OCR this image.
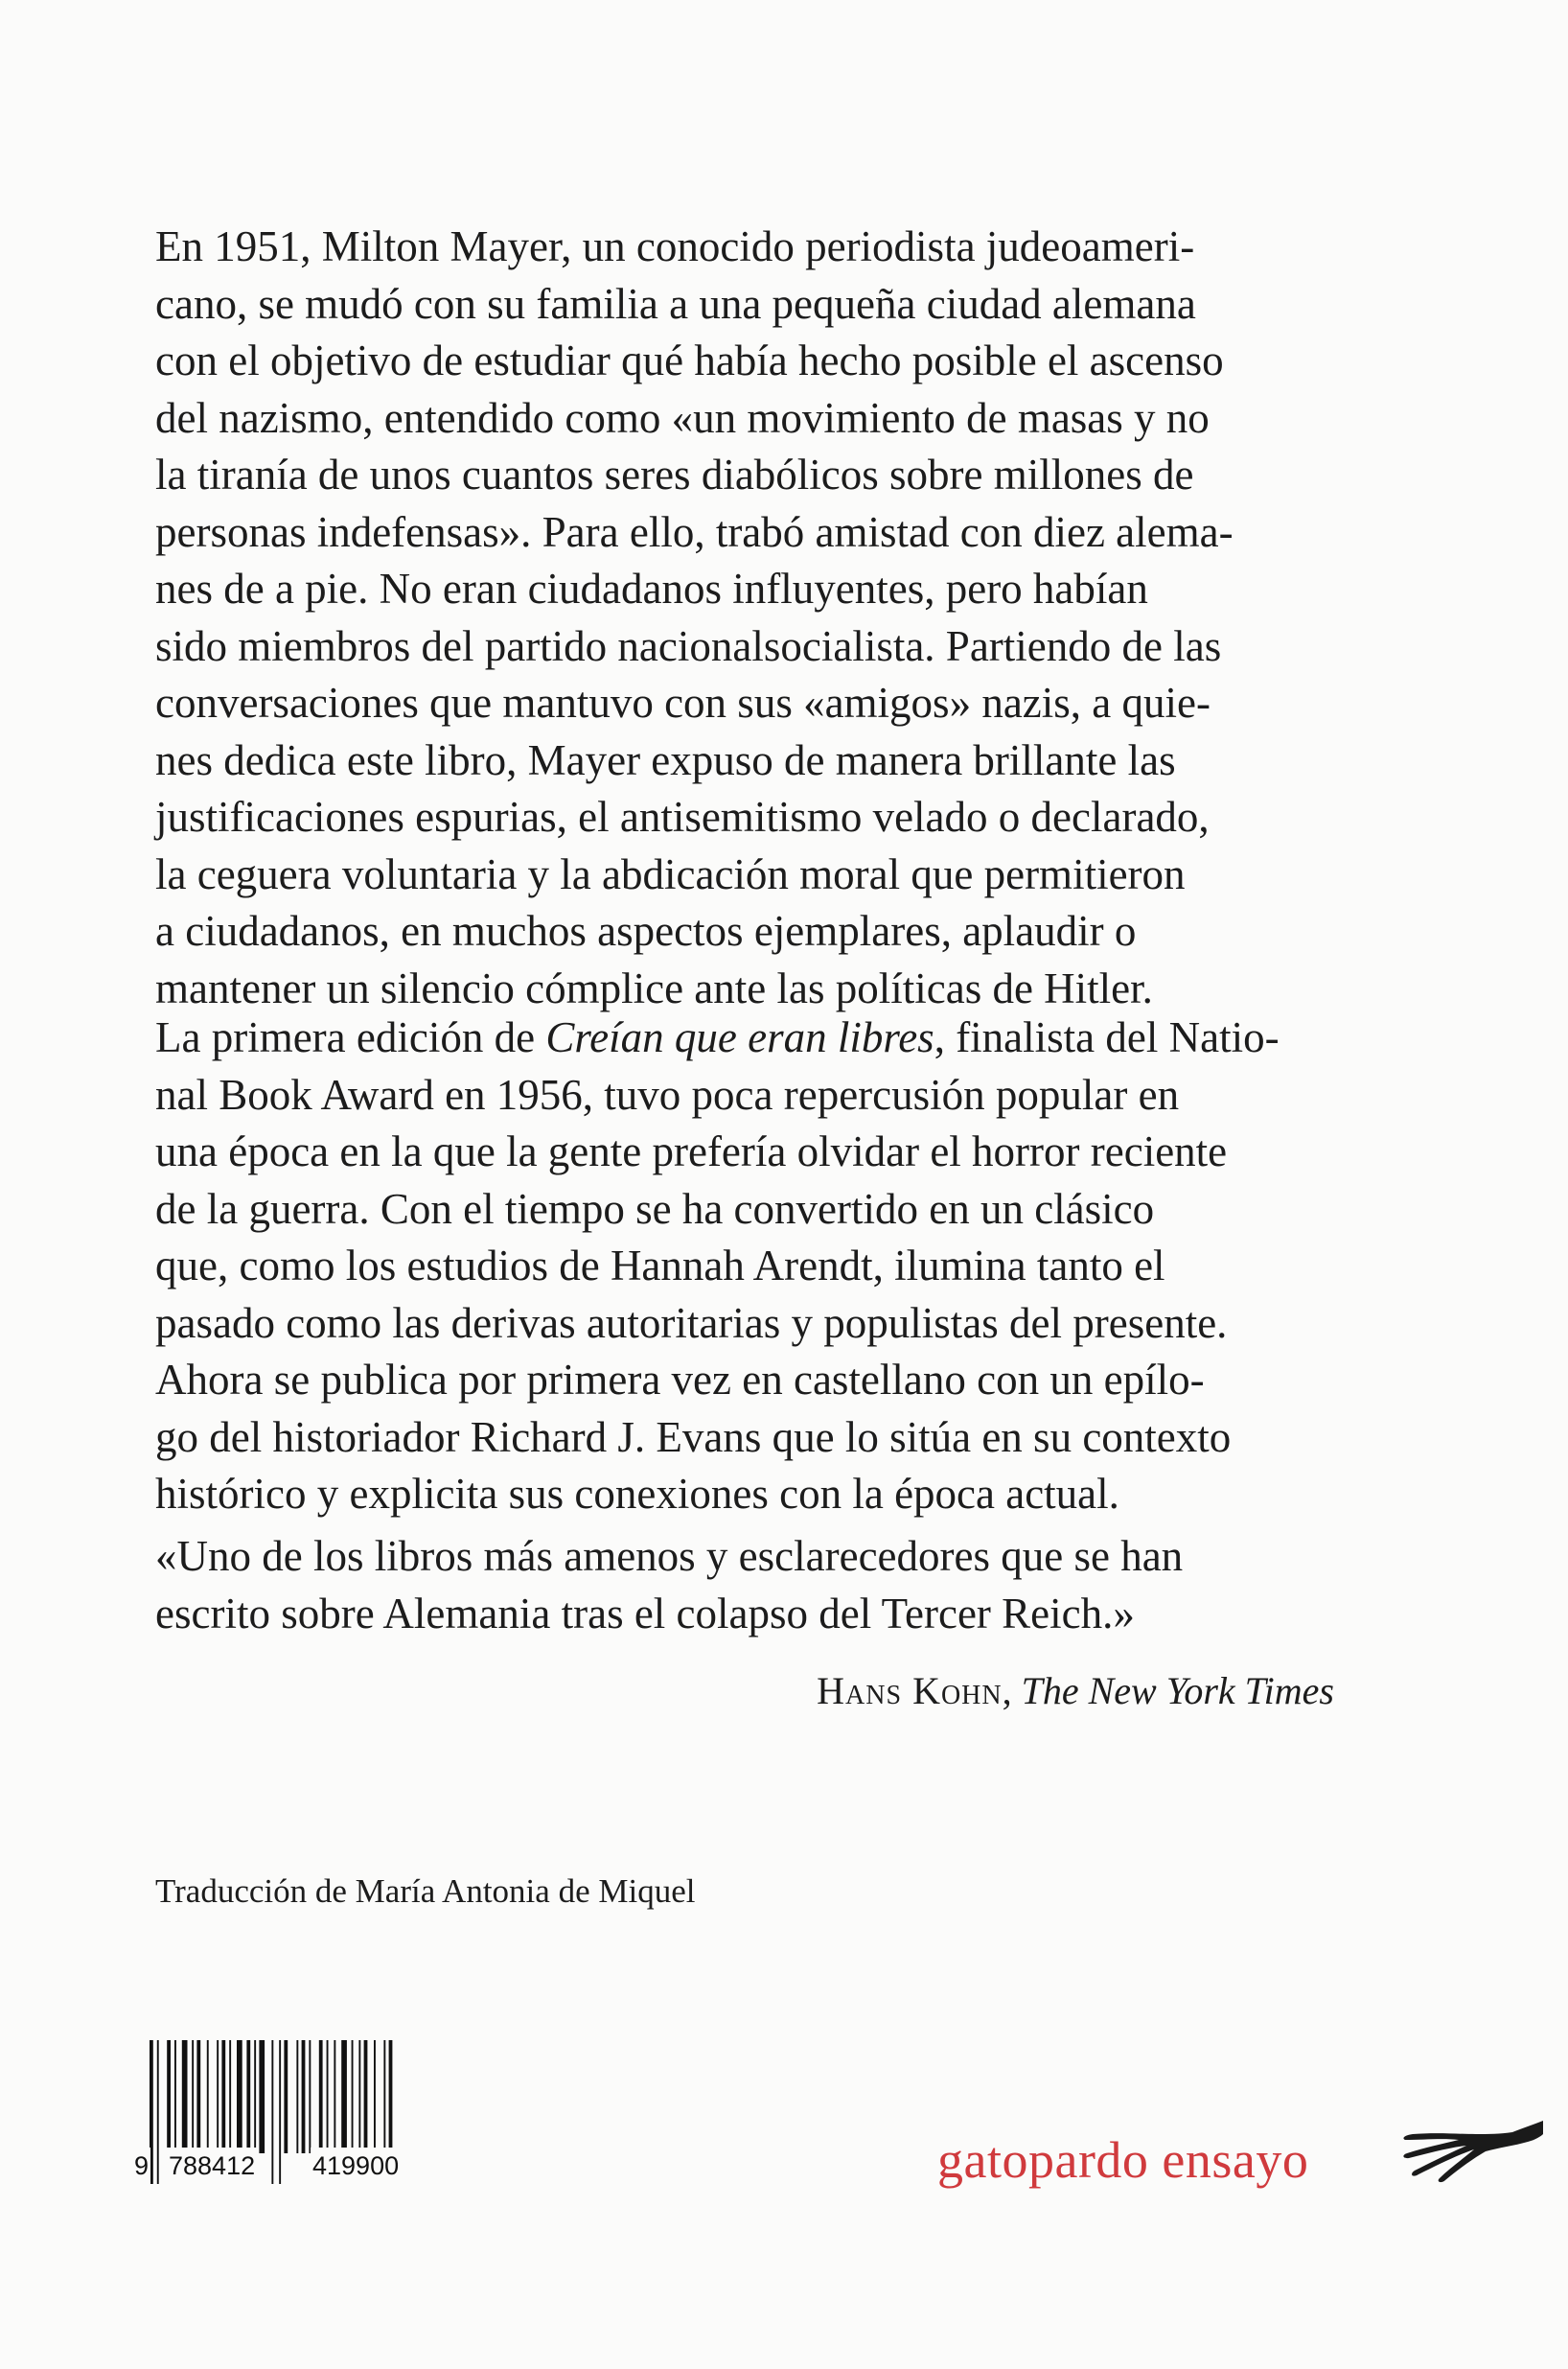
En 1951, Milton Mayer, un conocido periodista judeoameri-
cano, se mudó con su familia a una pequeña ciudad alemana
con el objetivo de estudiar qué había hecho posible el ascenso
del nazismo, entendido como «un movimiento de masas y no
la tiranía de unos cuantos seres diabólicos sobre millones de
personas indefensas». Para ello, trabó amistad con diez alema-
nes de a pie. No eran ciudadanos influyentes, pero habían
sido miembros del partido nacionalsocialista. Partiendo de las
conversaciones que mantuvo con sus «amigos» nazis, a quie-
nes dedica este libro, Mayer expuso de manera brillante las
justificaciones espurias, el antisemitismo velado o declarado,
la ceguera voluntaria y la abdicación moral que permitieron
a ciudadanos, en muchos aspectos ejemplares, aplaudir o
mantener un silencio cómplice ante las políticas de Hitler.

La primera edición de Creían que eran libres, finalista del Natio-
nal Book Award en 1956, tuvo poca repercusión popular en
una época en la que la gente prefería olvidar el horror reciente
de la guerra. Con el tiempo se ha convertido en un clásico
que, como los estudios de Hannah Arendt, ilumina tanto el
pasado como las derivas autoritarias y populistas del presente.
Ahora se publica por primera vez en castellano con un epílo-
go del historiador Richard J. Evans que lo sitúa en su contexto
histórico y explicita sus conexiones con la época actual.

«Uno de los libros más amenos y esclarecedores que se han
escrito sobre Alemania tras el colapso del Tercer Reich.»

Hans Kohn, The New York Times
Traducción de María Antonia de Miquel
9 788412 419900	gatopardo ensayo
